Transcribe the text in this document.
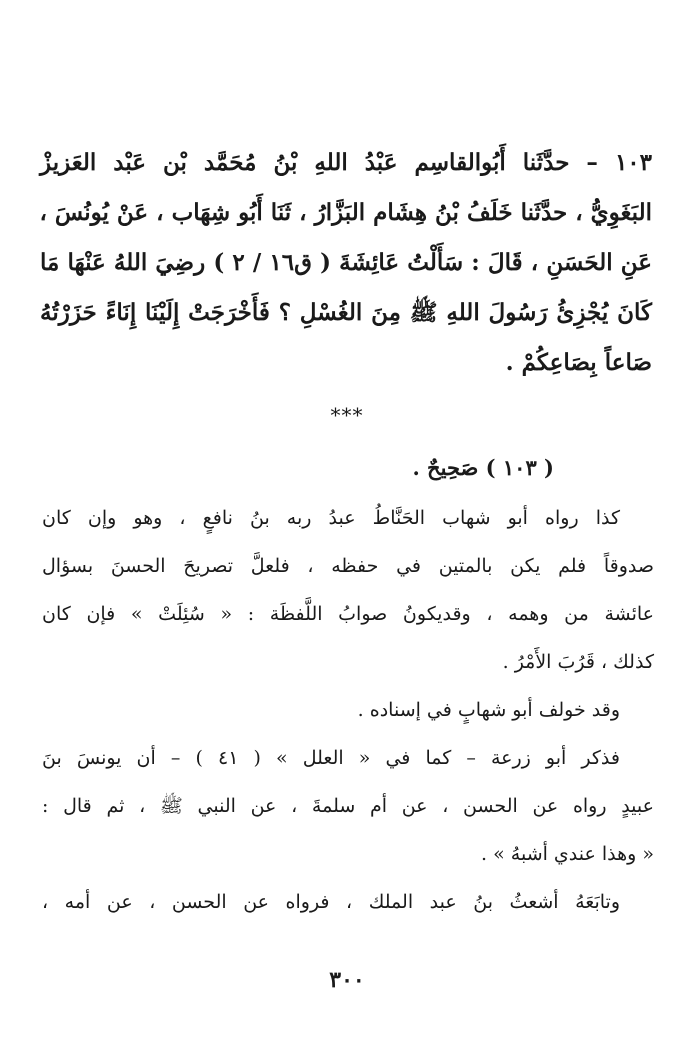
١٠٣ – حدَّثَنا أَبُوالقاسِم عَبْدُ اللهِ بْنُ مُحَمَّد بْن عَبْد العَزيزْ
البَغَوِيُّ ، حدَّثَنا خَلَفُ بْنُ هِشَام البَزَّارُ ، ثَنَا أَبُو شِهَاب ، عَنْ يُونُسَ ،
عَنِ الحَسَنِ ، قَالَ : سَأَلْتُ عَائِشَةَ ( ق١٦ / ٢ ) رضِيَ اللهُ عَنْهَا مَا
كَانَ يُجْزِئُ رَسُولَ اللهِ ﷺ مِنَ الغُسْلِ ؟ فَأَخْرَجَتْ إِلَيْنَا إِنَاءً حَزَرْتُهُ
صَاعاً بِصَاعِكُمْ .
***
( ١٠٣ ) صَحِيحٌ .
كذا رواه أبو شهاب الحَنَّاطُ عبدُ ربه بنُ نافعٍ ، وهو وإن كان
صدوقاً فلم يكن بالمتين في حفظه ، فلعلَّ تصريحَ الحسنَ بسؤال
عائشة من وهمه ، وقديكونُ صوابُ اللَّفظَة : « سُئِلَتْ » فإن كان
كذلك ، قَرُبَ الأَمْرُ .
وقد خولف أبو شهابٍ في إسناده .
فذكر أبو زرعة – كما في « العلل » ( ٤١ ) – أن يونسَ بنَ
عبيدٍ رواه عن الحسن ، عن أم سلمةَ ، عن النبي ﷺ ، ثم قال :
« وهذا عندي أشبهُ » .
وتابَعَهُ أشعثُ بنُ عبد الملك ، فرواه عن الحسن ، عن أمه ،
٣٠٠
